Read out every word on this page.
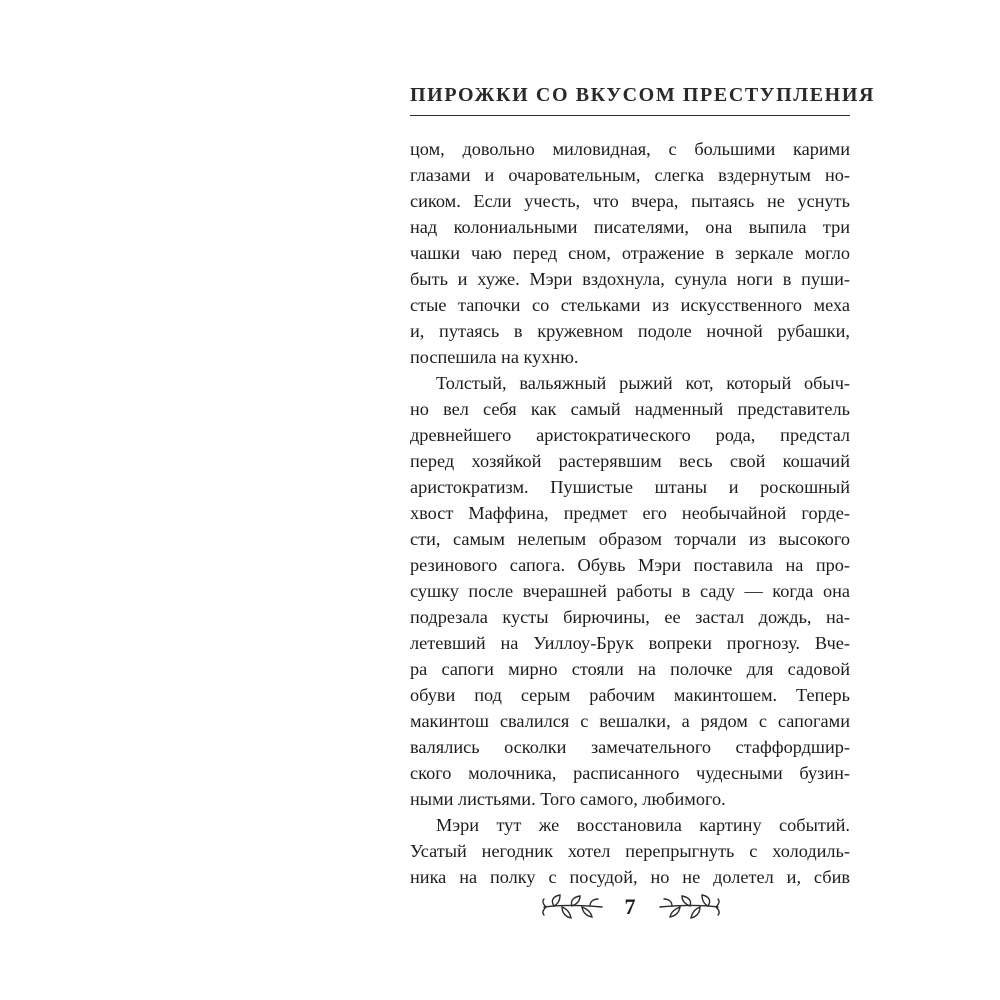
ПИРОЖКИ СО ВКУСОМ ПРЕСТУПЛЕНИЯ
цом, довольно миловидная, с большими карими
глазами и очаровательным, слегка вздернутым но-
сиком. Если учесть, что вчера, пытаясь не уснуть
над колониальными писателями, она выпила три
чашки чаю перед сном, отражение в зеркале могло
быть и хуже. Мэри вздохнула, сунула ноги в пуши-
стые тапочки со стельками из искусственного меха
и, путаясь в кружевном подоле ночной рубашки,
поспешила на кухню.
Толстый, вальяжный рыжий кот, который обыч-
но вел себя как самый надменный представитель
древнейшего аристократического рода, предстал
перед хозяйкой растерявшим весь свой кошачий
аристократизм. Пушистые штаны и роскошный
хвост Маффина, предмет его необычайной горде-
сти, самым нелепым образом торчали из высокого
резинового сапога. Обувь Мэри поставила на про-
сушку после вчерашней работы в саду — когда она
подрезала кусты бирючины, ее застал дождь, на-
летевший на Уиллоу-Брук вопреки прогнозу. Вче-
ра сапоги мирно стояли на полочке для садовой
обуви под серым рабочим макинтошем. Теперь
макинтош свалился с вешалки, а рядом с сапогами
валялись осколки замечательного стаффордшир-
ского молочника, расписанного чудесными бузин-
ными листьями. Того самого, любимого.
Мэри тут же восстановила картину событий.
Усатый негодник хотел перепрыгнуть с холодиль-
ника на полку с посудой, но не долетел и, сбив
7
